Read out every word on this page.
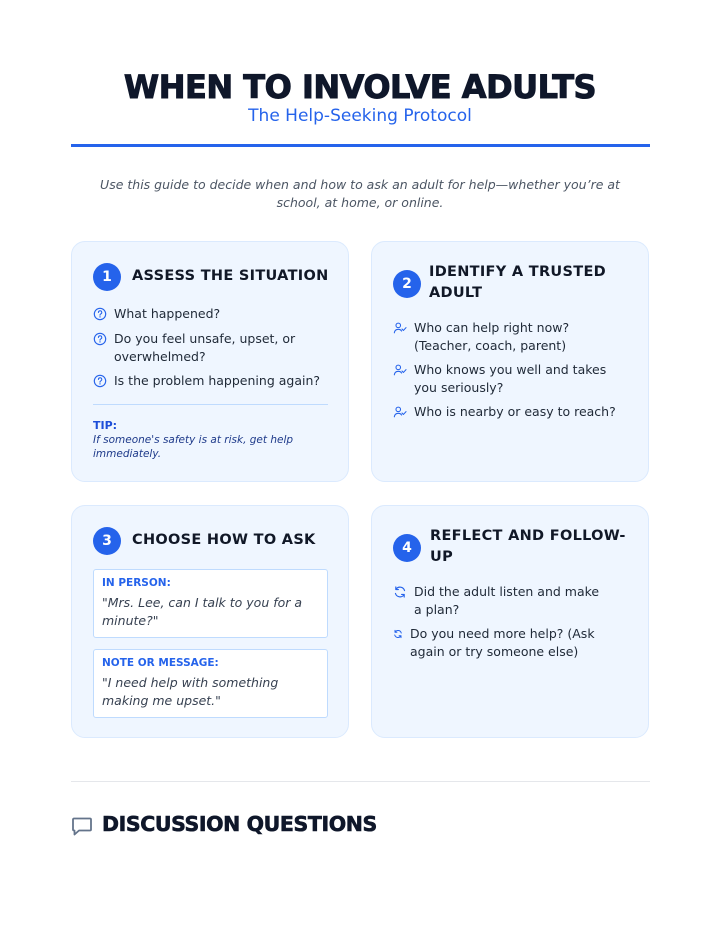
WHEN TO INVOLVE ADULTS
The Help-Seeking Protocol
Use this guide to decide when and how to ask an adult for help—whether you’re at school, at home, or online.
1	ASSESS THE SITUATION
What happened?
Do you feel unsafe, upset, or overwhelmed?
Is the problem happening again?
TIP:
If someone's safety is at risk, get help immediately.
2
IDENTIFY A TRUSTED ADULT
Who can help right now? (Teacher, coach, parent)
Who knows you well and takes you seriously?
Who is nearby or easy to reach?
3	CHOOSE HOW TO ASK
IN PERSON:
"Mrs. Lee, can I talk to you for a minute?"
NOTE OR MESSAGE:
"I need help with something making me upset."
4
REFLECT AND FOLLOW-UP
Did the adult listen and make a plan?
Do you need more help? (Ask again or try someone else)
DISCUSSION QUESTIONS
